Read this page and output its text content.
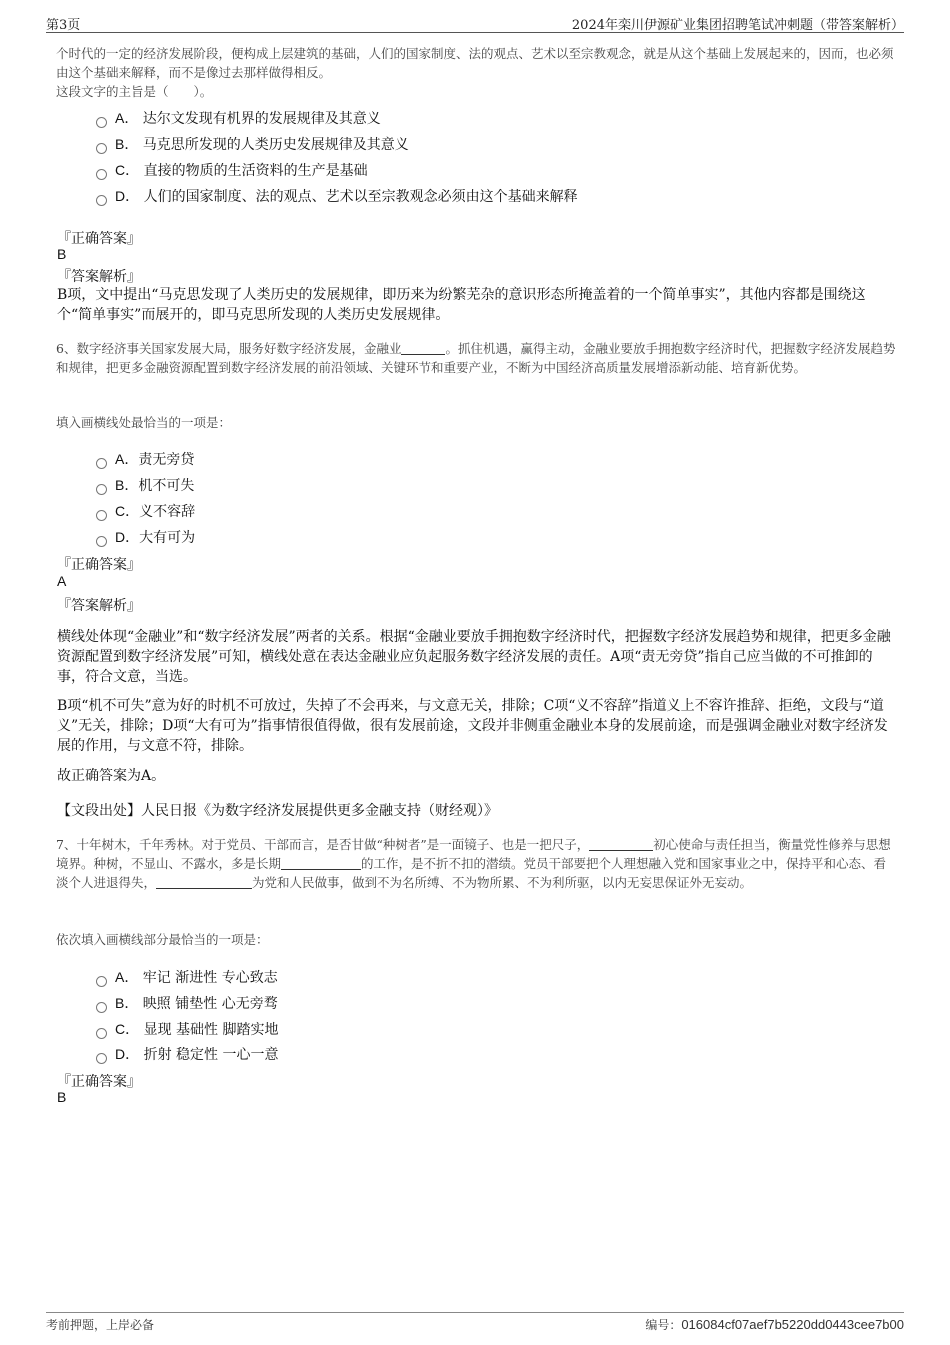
第3页	2024年栾川伊源矿业集团招聘笔试冲刺题（带答案解析）
个时代的一定的经济发展阶段，便构成上层建筑的基础，人们的国家制度、法的观点、艺术以至宗教观念，就是从这个基础上发展起来的，因而，也必须由这个基础来解释，而不是像过去那样做得相反。
这段文字的主旨是（　　）。
A． 达尔文发现有机界的发展规律及其意义
B． 马克思所发现的人类历史发展规律及其意义
C． 直接的物质的生活资料的生产是基础
D． 人们的国家制度、法的观点、艺术以至宗教观念必须由这个基础来解释
『正确答案』
B
『答案解析』
B项，文中提出“马克思发现了人类历史的发展规律，即历来为纷繁芜杂的意识形态所掩盖着的一个简单事实”，其他内容都是围绕这个“简单事实”而展开的，即马克思所发现的人类历史发展规律。
6、数字经济事关国家发展大局，服务好数字经济发展，金融业	。抓住机遇，赢得主动，金融业要放手拥抱数字经济时代，把握数字经济发展趋势和规律，把更多金融资源配置到数字经济发展的前沿领域、关键环节和重要产业，不断为中国经济高质量发展增添新动能、培育新优势。
填入画横线处最恰当的一项是：
A．责无旁贷
B．机不可失
C．义不容辞
D．大有可为
『正确答案』
A
『答案解析』
横线处体现“金融业”和“数字经济发展”两者的关系。根据“金融业要放手拥抱数字经济时代，把握数字经济发展趋势和规律，把更多金融资源配置到数字经济发展”可知，横线处意在表达金融业应负起服务数字经济发展的责任。A项“责无旁贷”指自己应当做的不可推卸的事，符合文意，当选。
B项“机不可失”意为好的时机不可放过，失掉了不会再来，与文意无关，排除；C项“义不容辞”指道义上不容许推辞、拒绝，文段与“道义”无关，排除；D项“大有可为”指事情很值得做，很有发展前途，文段并非侧重金融业本身的发展前途，而是强调金融业对数字经济发展的作用，与文意不符，排除。
故正确答案为A。
【文段出处】人民日报《为数字经济发展提供更多金融支持（财经观）》
7、十年树木，千年秀林。对于党员、干部而言，是否甘做“种树者”是一面镜子、也是一把尺子，	初心使命与责任担当，衡量党性修养与思想境界。种树，不显山、不露水，多是长期	的工作，是不折不扣的潜绩。党员干部要把个人理想融入党和国家事业之中，保持平和心态、看淡个人进退得失，	为党和人民做事，做到不为名所缚、不为物所累、不为利所驱，以内无妄思保证外无妄动。
依次填入画横线部分最恰当的一项是：
A． 牢记 渐进性 专心致志
B． 映照 铺垫性 心无旁骛
C． 显现 基础性 脚踏实地
D． 折射 稳定性 一心一意
『正确答案』
B
考前押题，上岸必备	编号：016084cf07aef7b5220dd0443cee7b00
